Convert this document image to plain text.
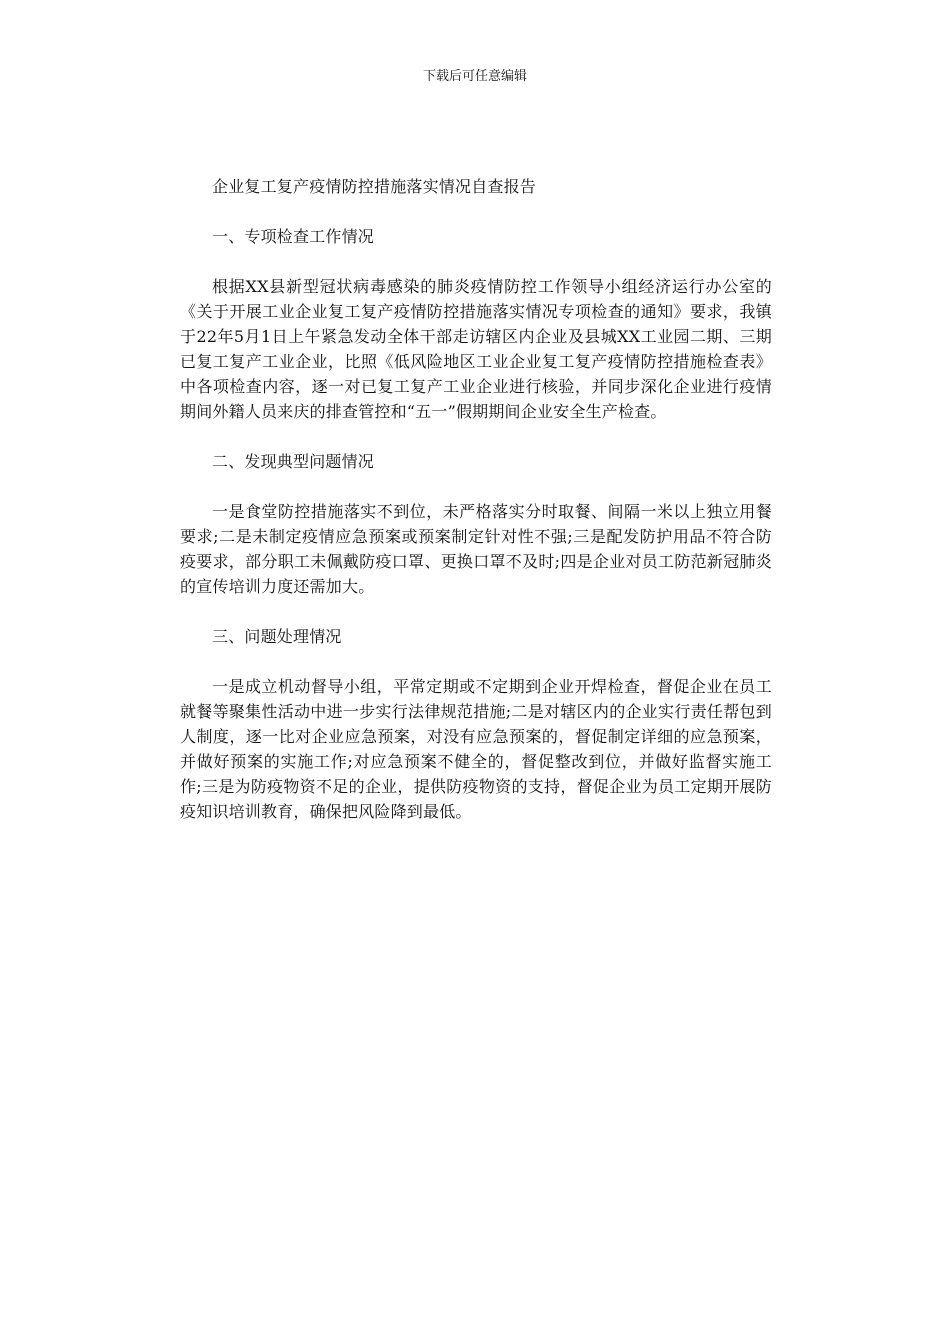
下载后可任意编辑

企业复工复产疫情防控措施落实情况自查报告

一、专项检查工作情况

根据XX县新型冠状病毒感染的肺炎疫情防控工作领导小组经济运行办公室的《关于开展工业企业复工复产疫情防控措施落实情况专项检查的通知》要求，我镇于22年5月1日上午紧急发动全体干部走访辖区内企业及县城XX工业园二期、三期已复工复产工业企业，比照《低风险地区工业企业复工复产疫情防控措施检查表》中各项检查内容，逐一对已复工复产工业企业进行核验，并同步深化企业进行疫情期间外籍人员来庆的排查管控和“五一”假期期间企业安全生产检查。

二、发现典型问题情况

一是食堂防控措施落实不到位，未严格落实分时取餐、间隔一米以上独立用餐要求;二是未制定疫情应急预案或预案制定针对性不强;三是配发防护用品不符合防疫要求，部分职工未佩戴防疫口罩、更换口罩不及时;四是企业对员工防范新冠肺炎的宣传培训力度还需加大。

三、问题处理情况

一是成立机动督导小组，平常定期或不定期到企业开焊检查，督促企业在员工就餐等聚集性活动中进一步实行法律规范措施;二是对辖区内的企业实行责任帮包到人制度，逐一比对企业应急预案，对没有应急预案的，督促制定详细的应急预案，并做好预案的实施工作;对应急预案不健全的，督促整改到位，并做好监督实施工作;三是为防疫物资不足的企业，提供防疫物资的支持，督促企业为员工定期开展防疫知识培训教育，确保把风险降到最低。
